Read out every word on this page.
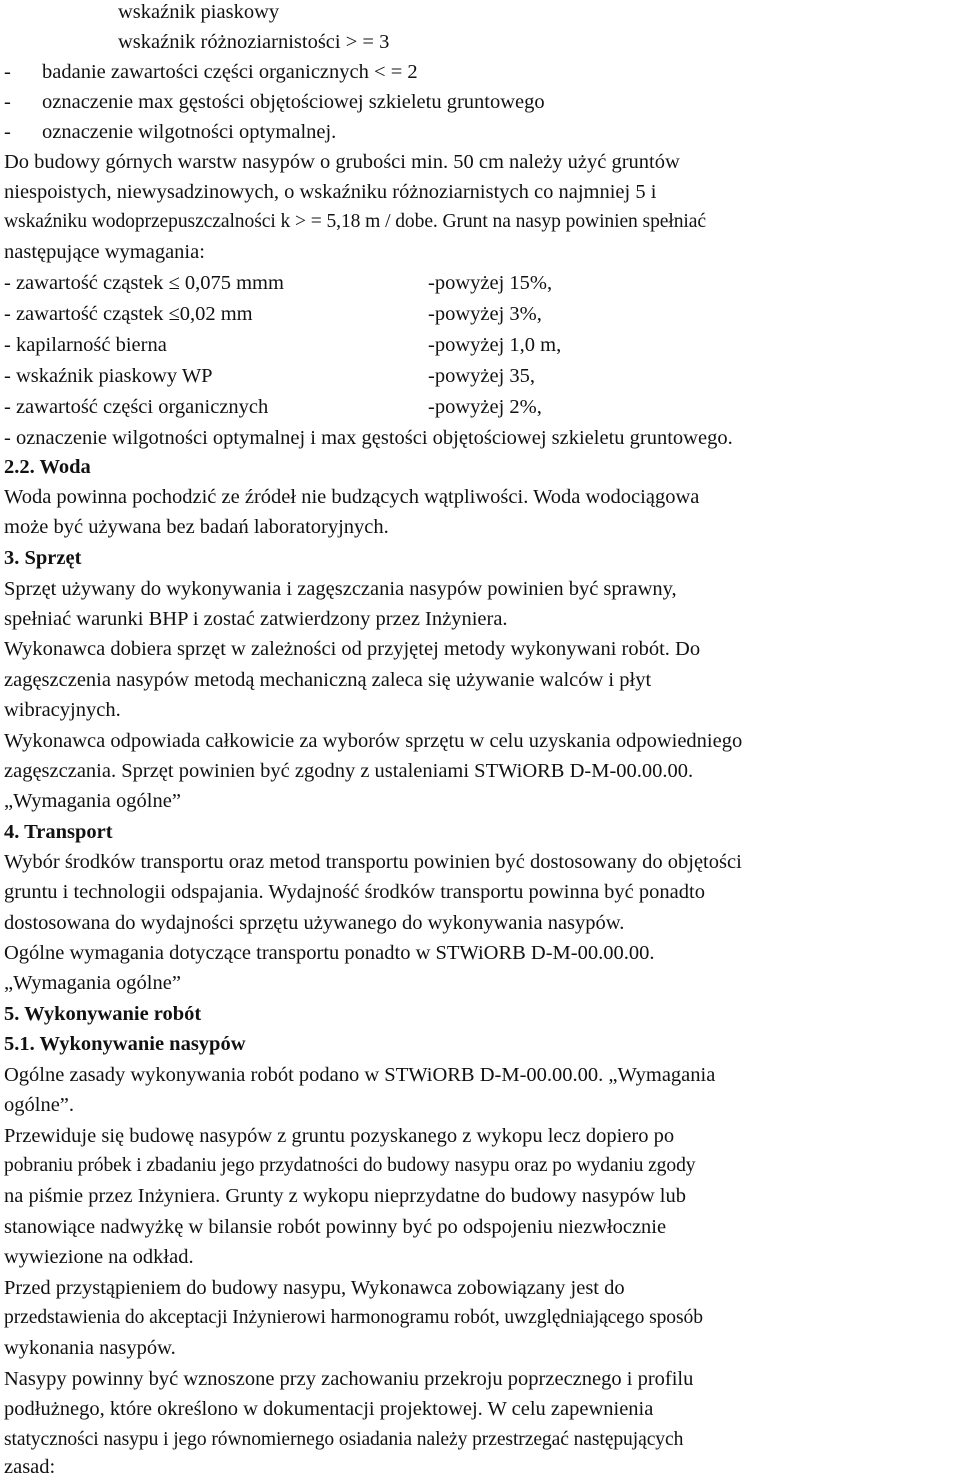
wskaźnik piaskowy
wskaźnik różnoziarnistości > = 3
- badanie zawartości części organicznych < = 2
- oznaczenie max gęstości objętościowej szkieletu gruntowego
- oznaczenie wilgotności optymalnej.
Do budowy górnych warstw nasypów o grubości min. 50 cm należy użyć gruntów
niespoistych, niewysadzinowych, o wskaźniku różnoziarnistych co najmniej 5 i
wskaźniku wodoprzepuszczalności k > = 5,18 m / dobe. Grunt na nasyp powinien spełniać
następujące wymagania:
- zawartość cząstek ≤ 0,075 mmm	-powyżej 15%,
- zawartość cząstek ≤0,02 mm	-powyżej 3%,
- kapilarność bierna	-powyżej 1,0 m,
- wskaźnik piaskowy WP	-powyżej 35,
- zawartość części organicznych	-powyżej 2%,
- oznaczenie wilgotności optymalnej i max gęstości objętościowej szkieletu gruntowego.
2.2. Woda
Woda powinna pochodzić ze źródeł nie budzących wątpliwości. Woda wodociągowa
może być używana bez badań laboratoryjnych.
3. Sprzęt
Sprzęt używany do wykonywania i zagęszczania nasypów powinien być sprawny,
spełniać warunki BHP i zostać zatwierdzony przez Inżyniera.
Wykonawca dobiera sprzęt w zależności od przyjętej metody wykonywani robót. Do
zagęszczenia nasypów metodą mechaniczną zaleca się używanie walców i płyt
wibracyjnych.
Wykonawca odpowiada całkowicie za wyborów sprzętu w celu uzyskania odpowiedniego
zagęszczania. Sprzęt powinien być zgodny z ustaleniami STWiORB D-M-00.00.00.
„Wymagania ogólne”
4. Transport
Wybór środków transportu oraz metod transportu powinien być dostosowany do objętości
gruntu i technologii odspajania. Wydajność środków transportu powinna być ponadto
dostosowana do wydajności sprzętu używanego do wykonywania nasypów.
Ogólne wymagania dotyczące transportu ponadto w STWiORB D-M-00.00.00.
„Wymagania ogólne”
5. Wykonywanie robót
5.1. Wykonywanie nasypów
Ogólne zasady wykonywania robót podano w STWiORB D-M-00.00.00. „Wymagania
ogólne”.
Przewiduje się budowę nasypów z gruntu pozyskanego z wykopu lecz dopiero po
pobraniu próbek i zbadaniu jego przydatności do budowy nasypu oraz po wydaniu zgody
na piśmie przez Inżyniera. Grunty z wykopu nieprzydatne do budowy nasypów lub
stanowiące nadwyżkę w bilansie robót powinny być po odspojeniu niezwłocznie
wywiezione na odkład.
Przed przystąpieniem do budowy nasypu, Wykonawca zobowiązany jest do
przedstawienia do akceptacji Inżynierowi harmonogramu robót, uwzględniającego sposób
wykonania nasypów.
Nasypy powinny być wznoszone przy zachowaniu przekroju poprzecznego i profilu
podłużnego, które określono w dokumentacji projektowej. W celu zapewnienia
statyczności nasypu i jego równomiernego osiadania należy przestrzegać następujących
zasad:
